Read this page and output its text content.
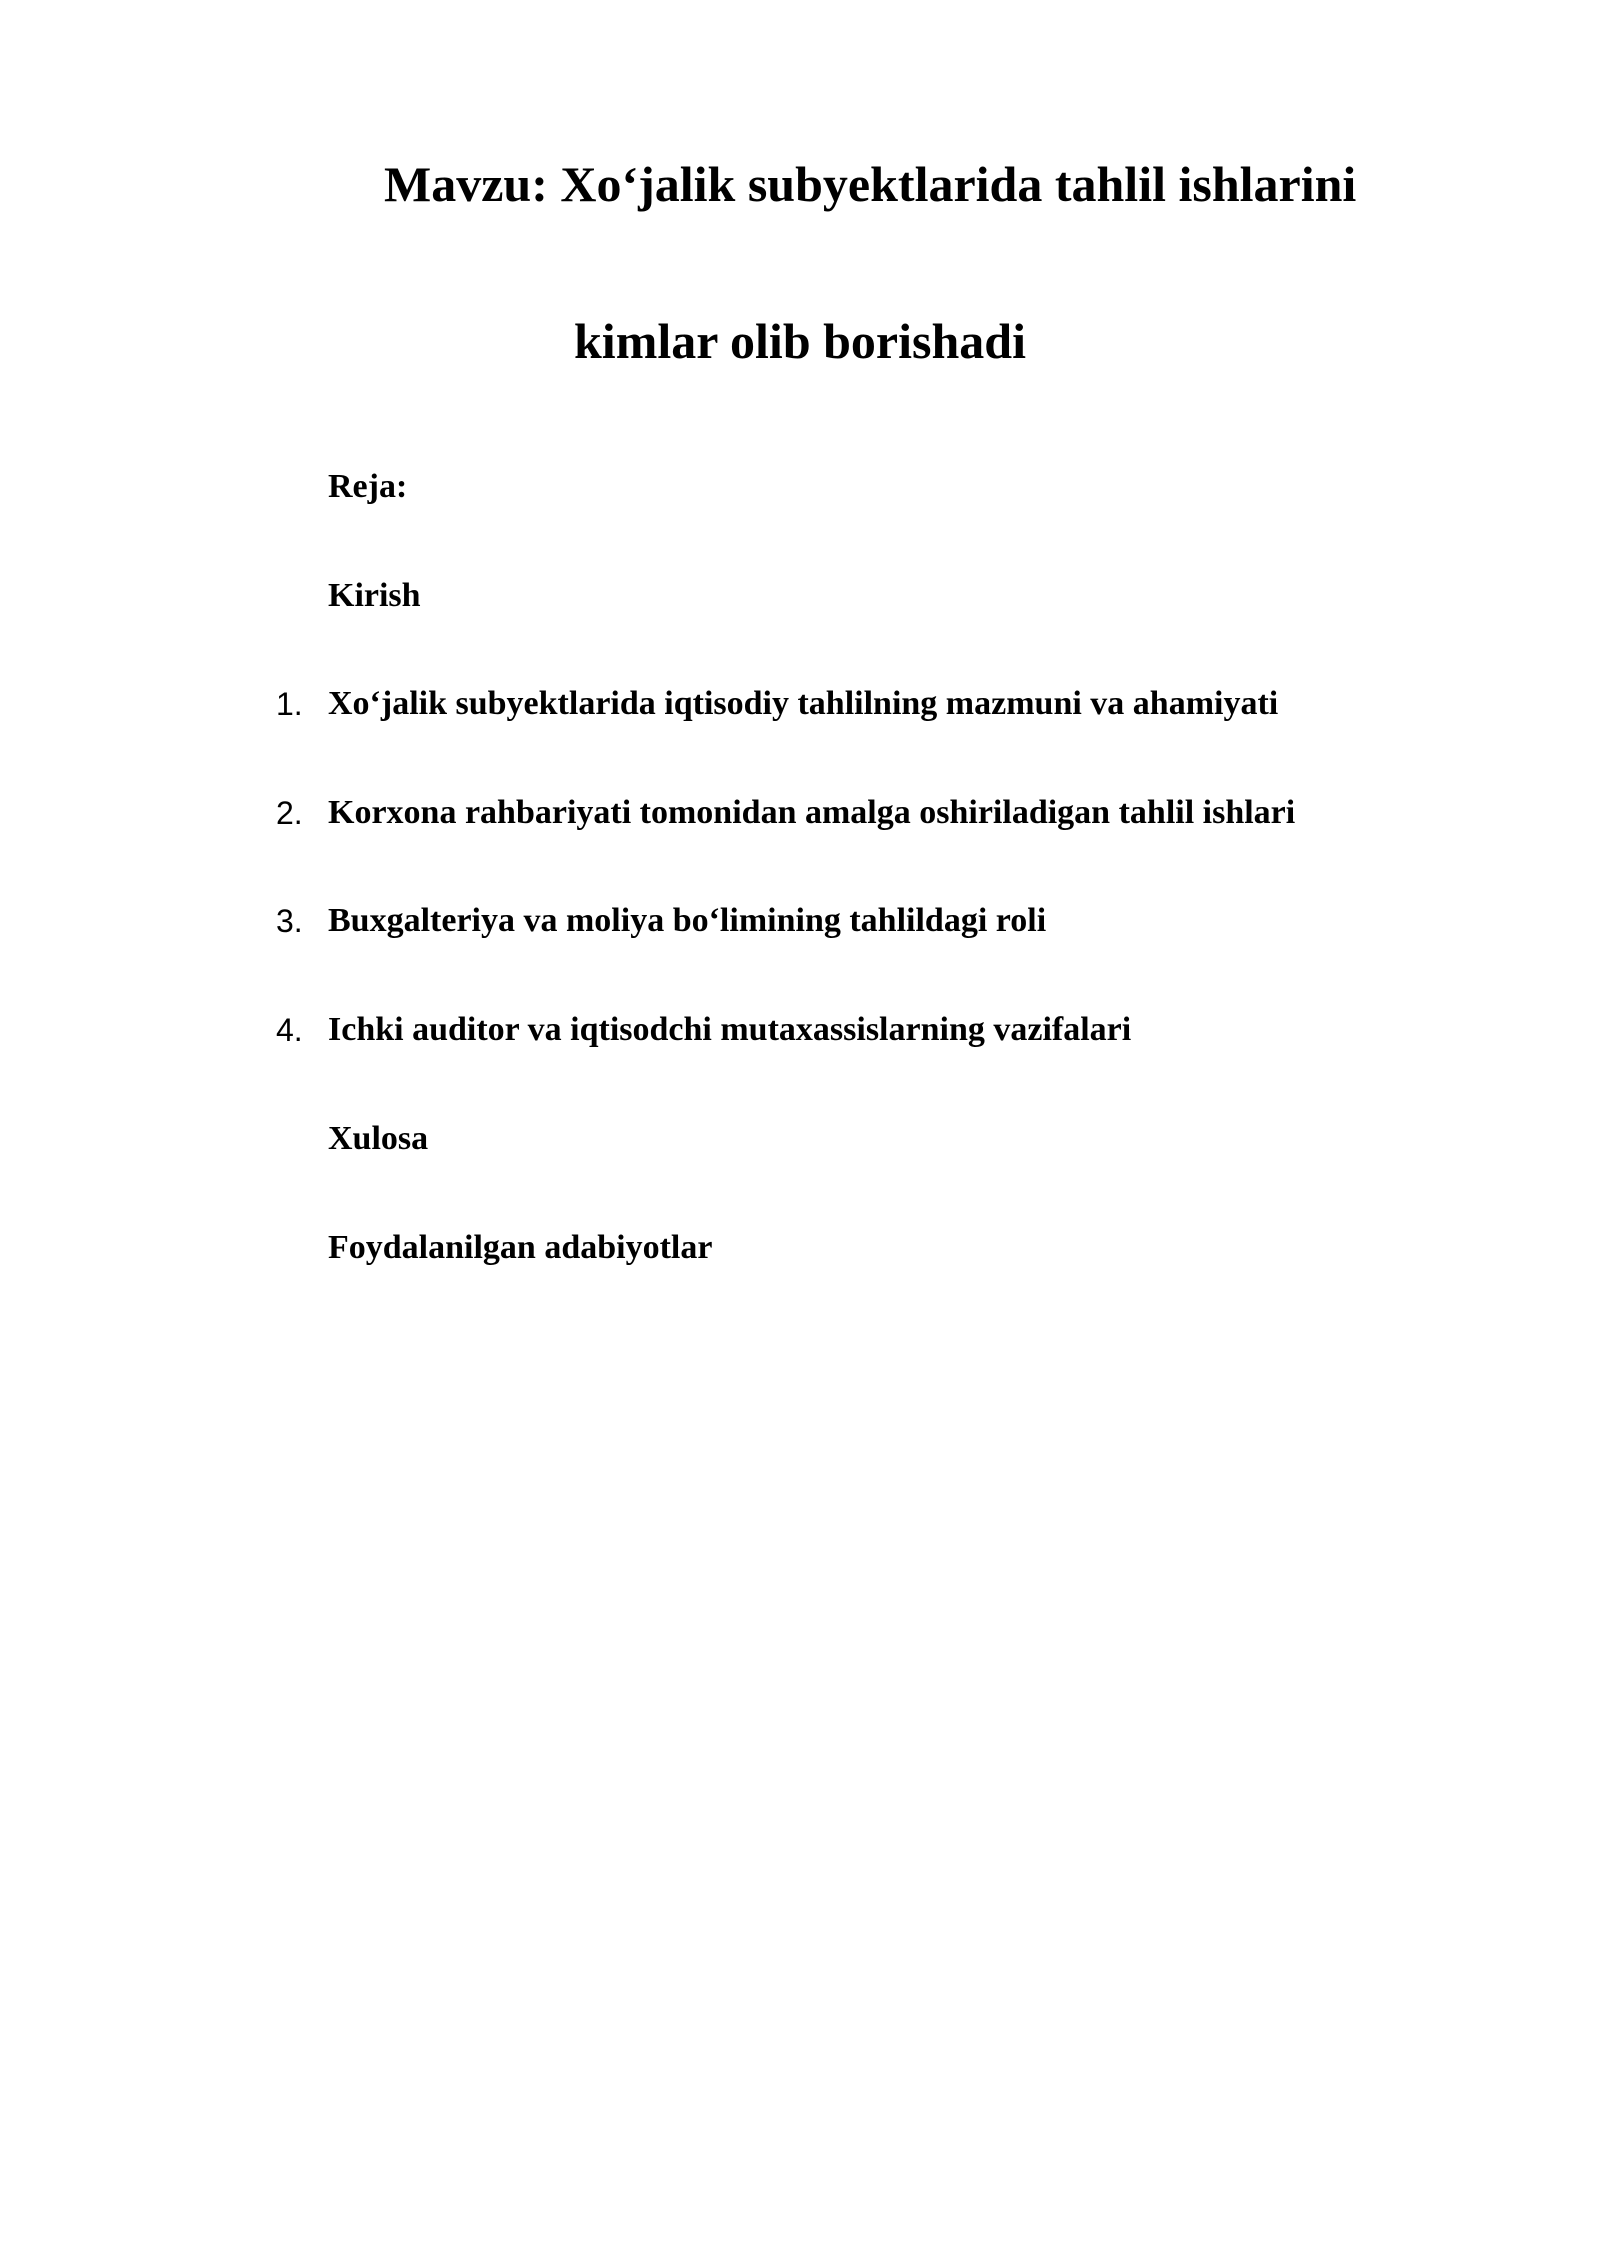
Mavzu: Xo‘jalik subyektlarida tahlil ishlarini
kimlar olib borishadi
Reja:
Kirish
1. Xo‘jalik subyektlarida iqtisodiy tahlilning mazmuni va ahamiyati
2. Korxona rahbariyati tomonidan amalga oshiriladigan tahlil ishlari
3. Buxgalteriya va moliya bo‘limining tahlildagi roli
4. Ichki auditor va iqtisodchi mutaxassislarning vazifalari
Xulosa
Foydalanilgan adabiyotlar
